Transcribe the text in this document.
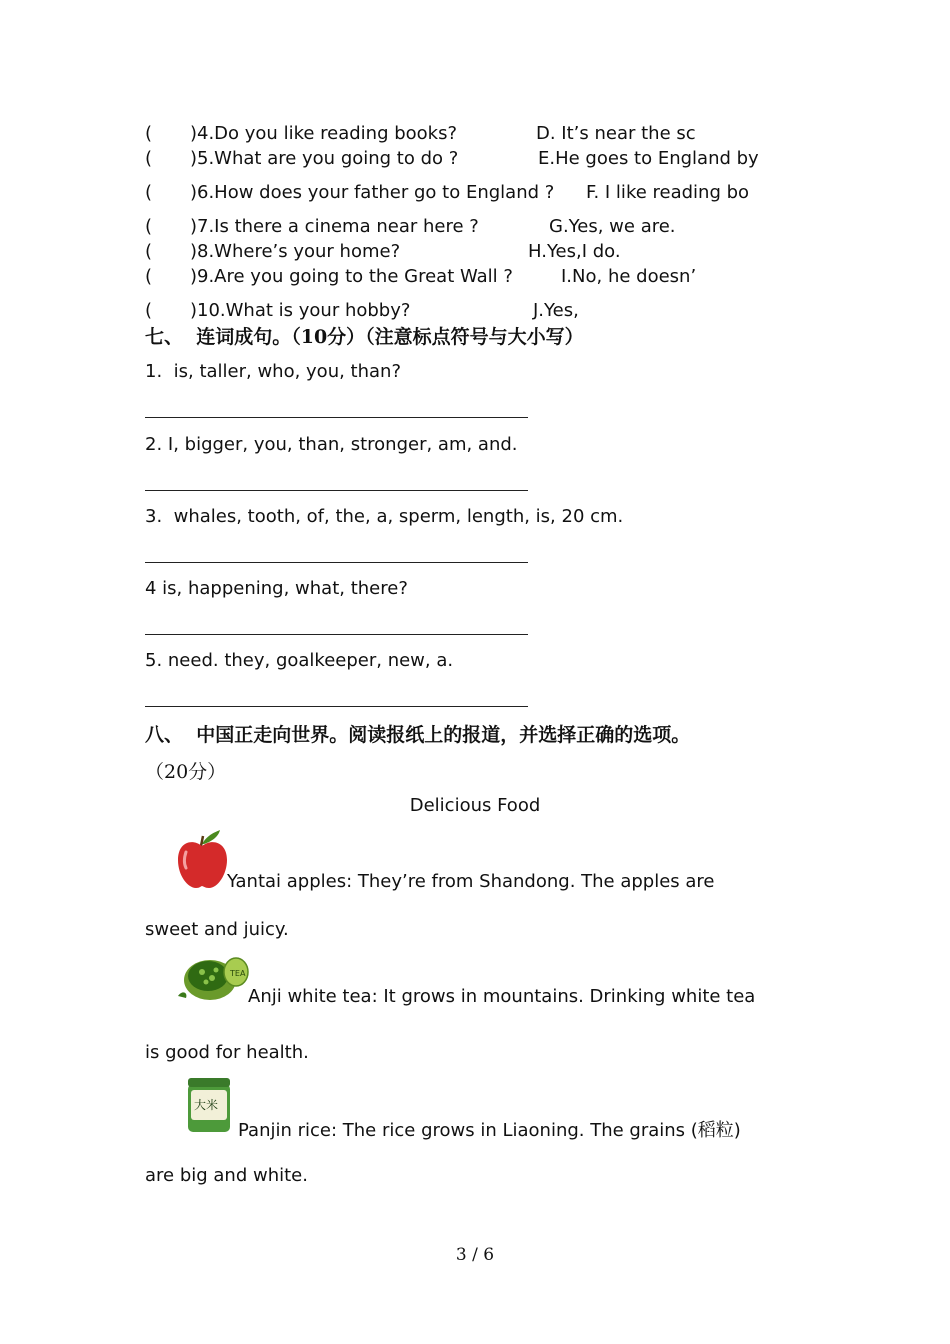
( ) 4.Do you like reading books?	D. It’s near the sc
( ) 5.What are you going to do ?	E.He goes to England by
( ) 6.How does your father go to England ? F. I like reading bo
( ) 7.Is there a cinema near here ?	G.Yes, we are.
( ) 8.Where’s your home?	H.Yes,I do.
( ) 9.Are you going to the Great Wall ?	I.No, he doesn’
( ) 10.What is your hobby?	J.Yes,
七、  连词成句。（10分）（注意标点符号与大小写）
1.  is, taller, who, you, than?
2. I, bigger, you, than, stronger, am, and.
3.  whales, tooth, of, the, a, sperm, length, is, 20 cm.
4 is, happening, what, there?
5. need. they, goalkeeper, new, a.
八、  中国正走向世界。阅读报纸上的报道，并选择正确的选项。
（20分）
Delicious Food
Yantai apples: They’re from Shandong. The apples are
sweet and juicy.
TEA
Anji white tea: It grows in mountains. Drinking white tea
is good for health.
大米
Panjin rice: The rice grows in Liaoning. The grains (稻粒)
are big and white.
3 / 6
